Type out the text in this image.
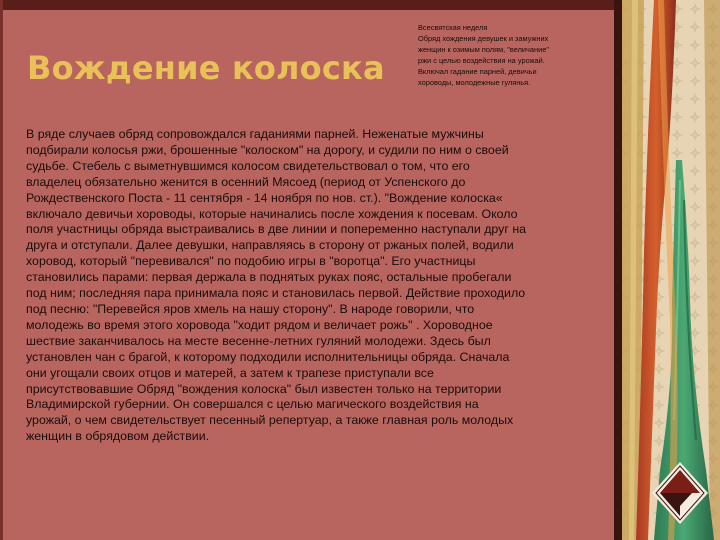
Вождение колоска
Всесвятская неделя
Обряд хождения девушек и замужних
женщин к озимым полям, "величание"
ржи с целью воздействия на урожай.
Включал гадание парней, девичьи
хороводы, молодежные гулянья.
В ряде случаев обряд сопровождался гаданиями парней. Неженатые мужчины
подбирали колосья ржи, брошенные "колоском" на дорогу, и судили по ним о своей
судьбе. Стебель с выметнувшимся колосом свидетельствовал о том, что его
владелец обязательно женится в осенний Мясоед (период от Успенского до
Рождественского Поста - 11 сентября - 14 ноября по нов. ст.). "Вождение колоска«
включало девичьи хороводы, которые начинались после хождения к посевам. Около
поля участницы обряда выстраивались в две линии и попеременно наступали друг на
друга и отступали. Далее девушки, направляясь в сторону от ржаных полей, водили
хоровод, который "перевивался" по подобию игры в "воротца". Его участницы
становились парами: первая держала в поднятых руках пояс, остальные пробегали
под ним; последняя пара принимала пояс и становилась первой. Действие проходило
под песню: "Перевейся яров хмель на нашу сторону". В народе говорили, что
молодежь во время этого хоровода "ходит рядом и величает рожь" . Хороводное
шествие заканчивалось на месте весенне-летних гуляний молодежи. Здесь был
установлен чан с брагой, к которому подходили исполнительницы обряда. Сначала
они угощали своих отцов и матерей, а затем к трапезе приступали все
присутствовавшие Обряд "вождения колоска" был известен только на территории
Владимирской губернии. Он совершался с целью магического воздействия на
урожай, о чем свидетельствует песенный репертуар, а также главная роль молодых
женщин в обрядовом действии.
